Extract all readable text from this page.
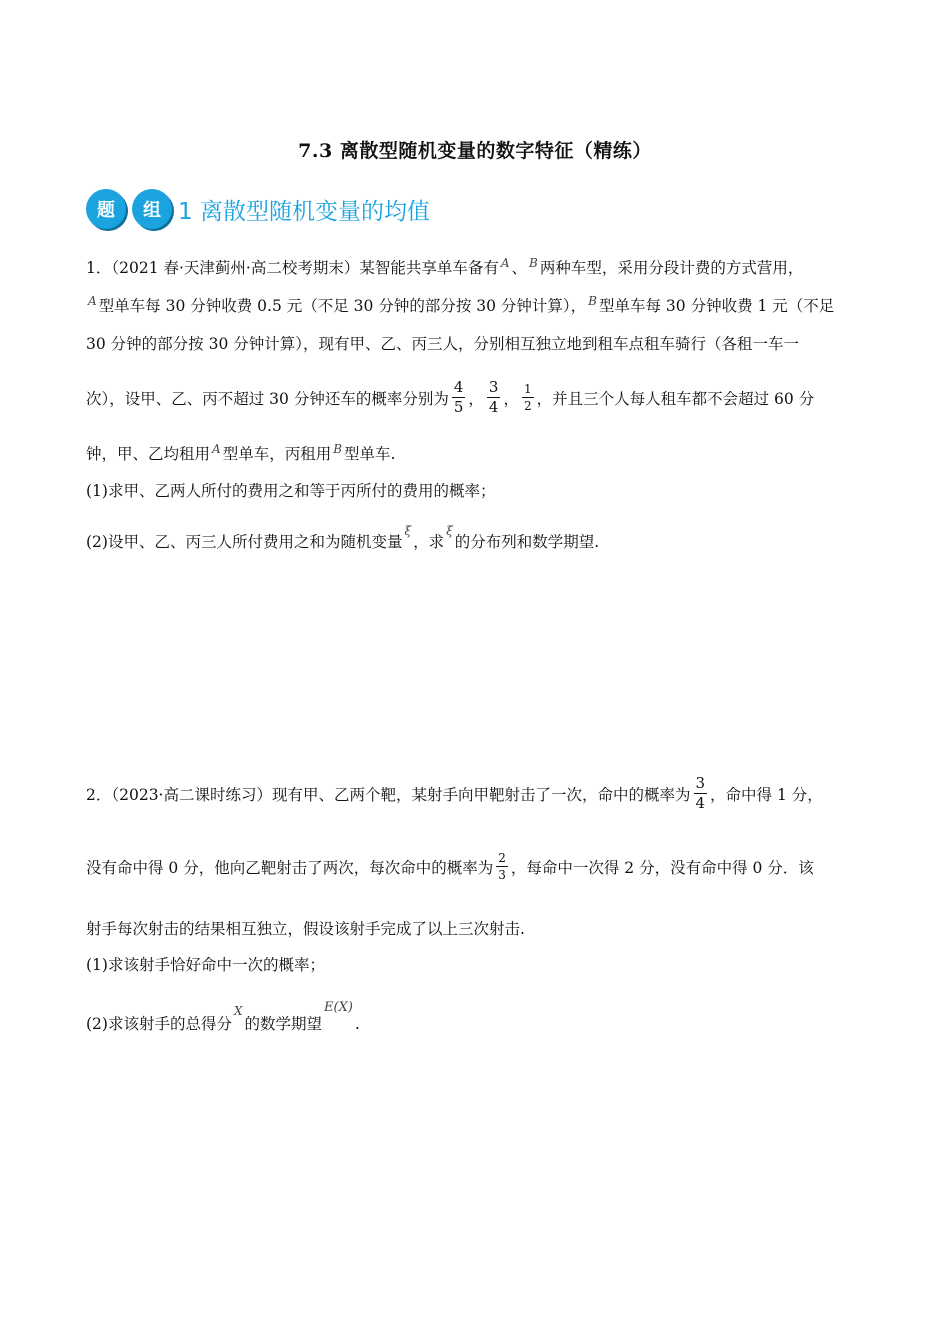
7.3 离散型随机变量的数字特征（精练）
题	组 1 离散型随机变量的均值
1．（2021 春·天津蓟州·高二校考期末）某智能共享单车备有 $^A$ 、 $^B$ 两种车型，采用分段计费的方式营用，
$^A$ 型单车每 30 分钟收费 0.5 元（不足 30 分钟的部分按 30 分钟计算）， $^B$ 型单车每 30 分钟收费 1 元（不足
30 分钟的部分按 30 分钟计算），现有甲、乙、丙三人，分别相互独立地到租车点租车骑行（各租一车一
次），设甲、乙、丙不超过 30 分钟还车的概率分别为 $\frac{4}{5}$ ， $\frac{3}{4}$ ， $\frac{1}{2}$ ，并且三个人每人租车都不会超过 60 分
钟，甲、乙均租用 $^A$ 型单车，丙租用 $^B$ 型单车.
(1)求甲、乙两人所付的费用之和等于丙所付的费用的概率；
(2)设甲、乙、丙三人所付费用之和为随机变量$^\xi$，求$^\xi$的分布列和数学期望.
2．（2023·高二课时练习）现有甲、乙两个靶，某射手向甲靶射击了一次，命中的概率为 $\frac{3}{4}$ ，命中得 1 分，
没有命中得 0 分，他向乙靶射击了两次，每次命中的概率为 $\frac{2}{3}$ ，每命中一次得 2 分，没有命中得 0 分．该
射手每次射击的结果相互独立，假设该射手完成了以上三次射击.
(1)求该射手恰好命中一次的概率；
(2)求该射手的总得分$^X$的数学期望$^{E(X)}$.
